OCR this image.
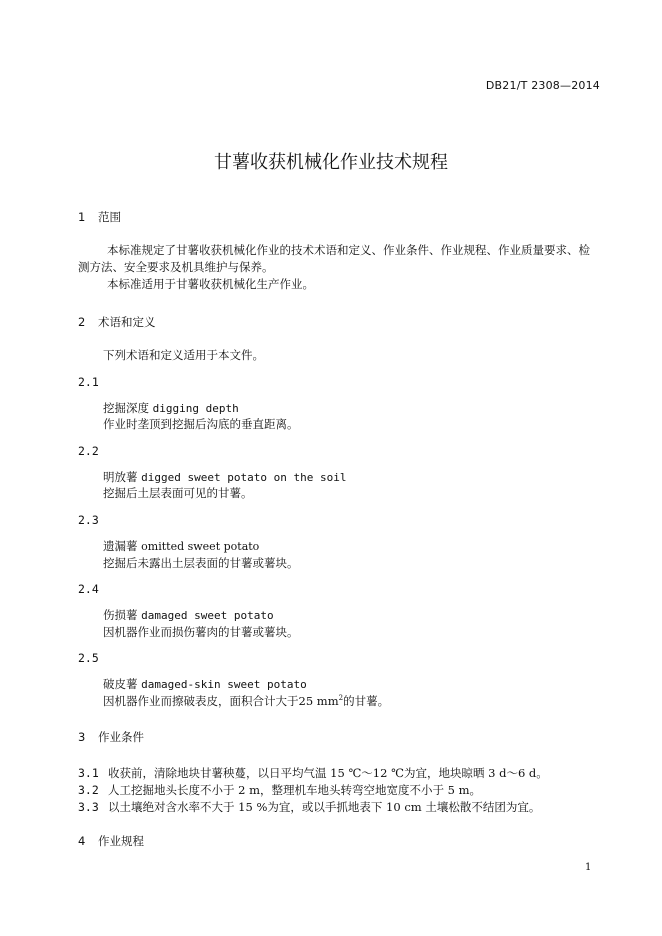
DB21/T 2308—2014
甘薯收获机械化作业技术规程
1 范围
本标准规定了甘薯收获机械化作业的技术术语和定义、作业条件、作业规程、作业质量要求、检
测方法、安全要求及机具维护与保养。
本标准适用于甘薯收获机械化生产作业。
2 术语和定义
下列术语和定义适用于本文件。
2.1
挖掘深度 digging depth
作业时垄顶到挖掘后沟底的垂直距离。
2.2
明放薯 digged sweet potato on the soil
挖掘后土层表面可见的甘薯。
2.3
遗漏薯 omitted sweet potato
挖掘后未露出土层表面的甘薯或薯块。
2.4
伤损薯 damaged sweet potato
因机器作业而损伤薯肉的甘薯或薯块。
2.5
破皮薯 damaged-skin sweet potato
因机器作业而擦破表皮，面积合计大于25 $mm^2$的甘薯。
3 作业条件
3.1 收获前，清除地块甘薯秧蔓，以日平均气温 15 ℃～12 ℃为宜，地块晾晒 3 d～6 d。
3.2 人工挖掘地头长度不小于 2 m，整理机车地头转弯空地宽度不小于 5 m。
3.3 以土壤绝对含水率不大于 15 %为宜，或以手抓地表下 10 cm 土壤松散不结团为宜。
4 作业规程
1
